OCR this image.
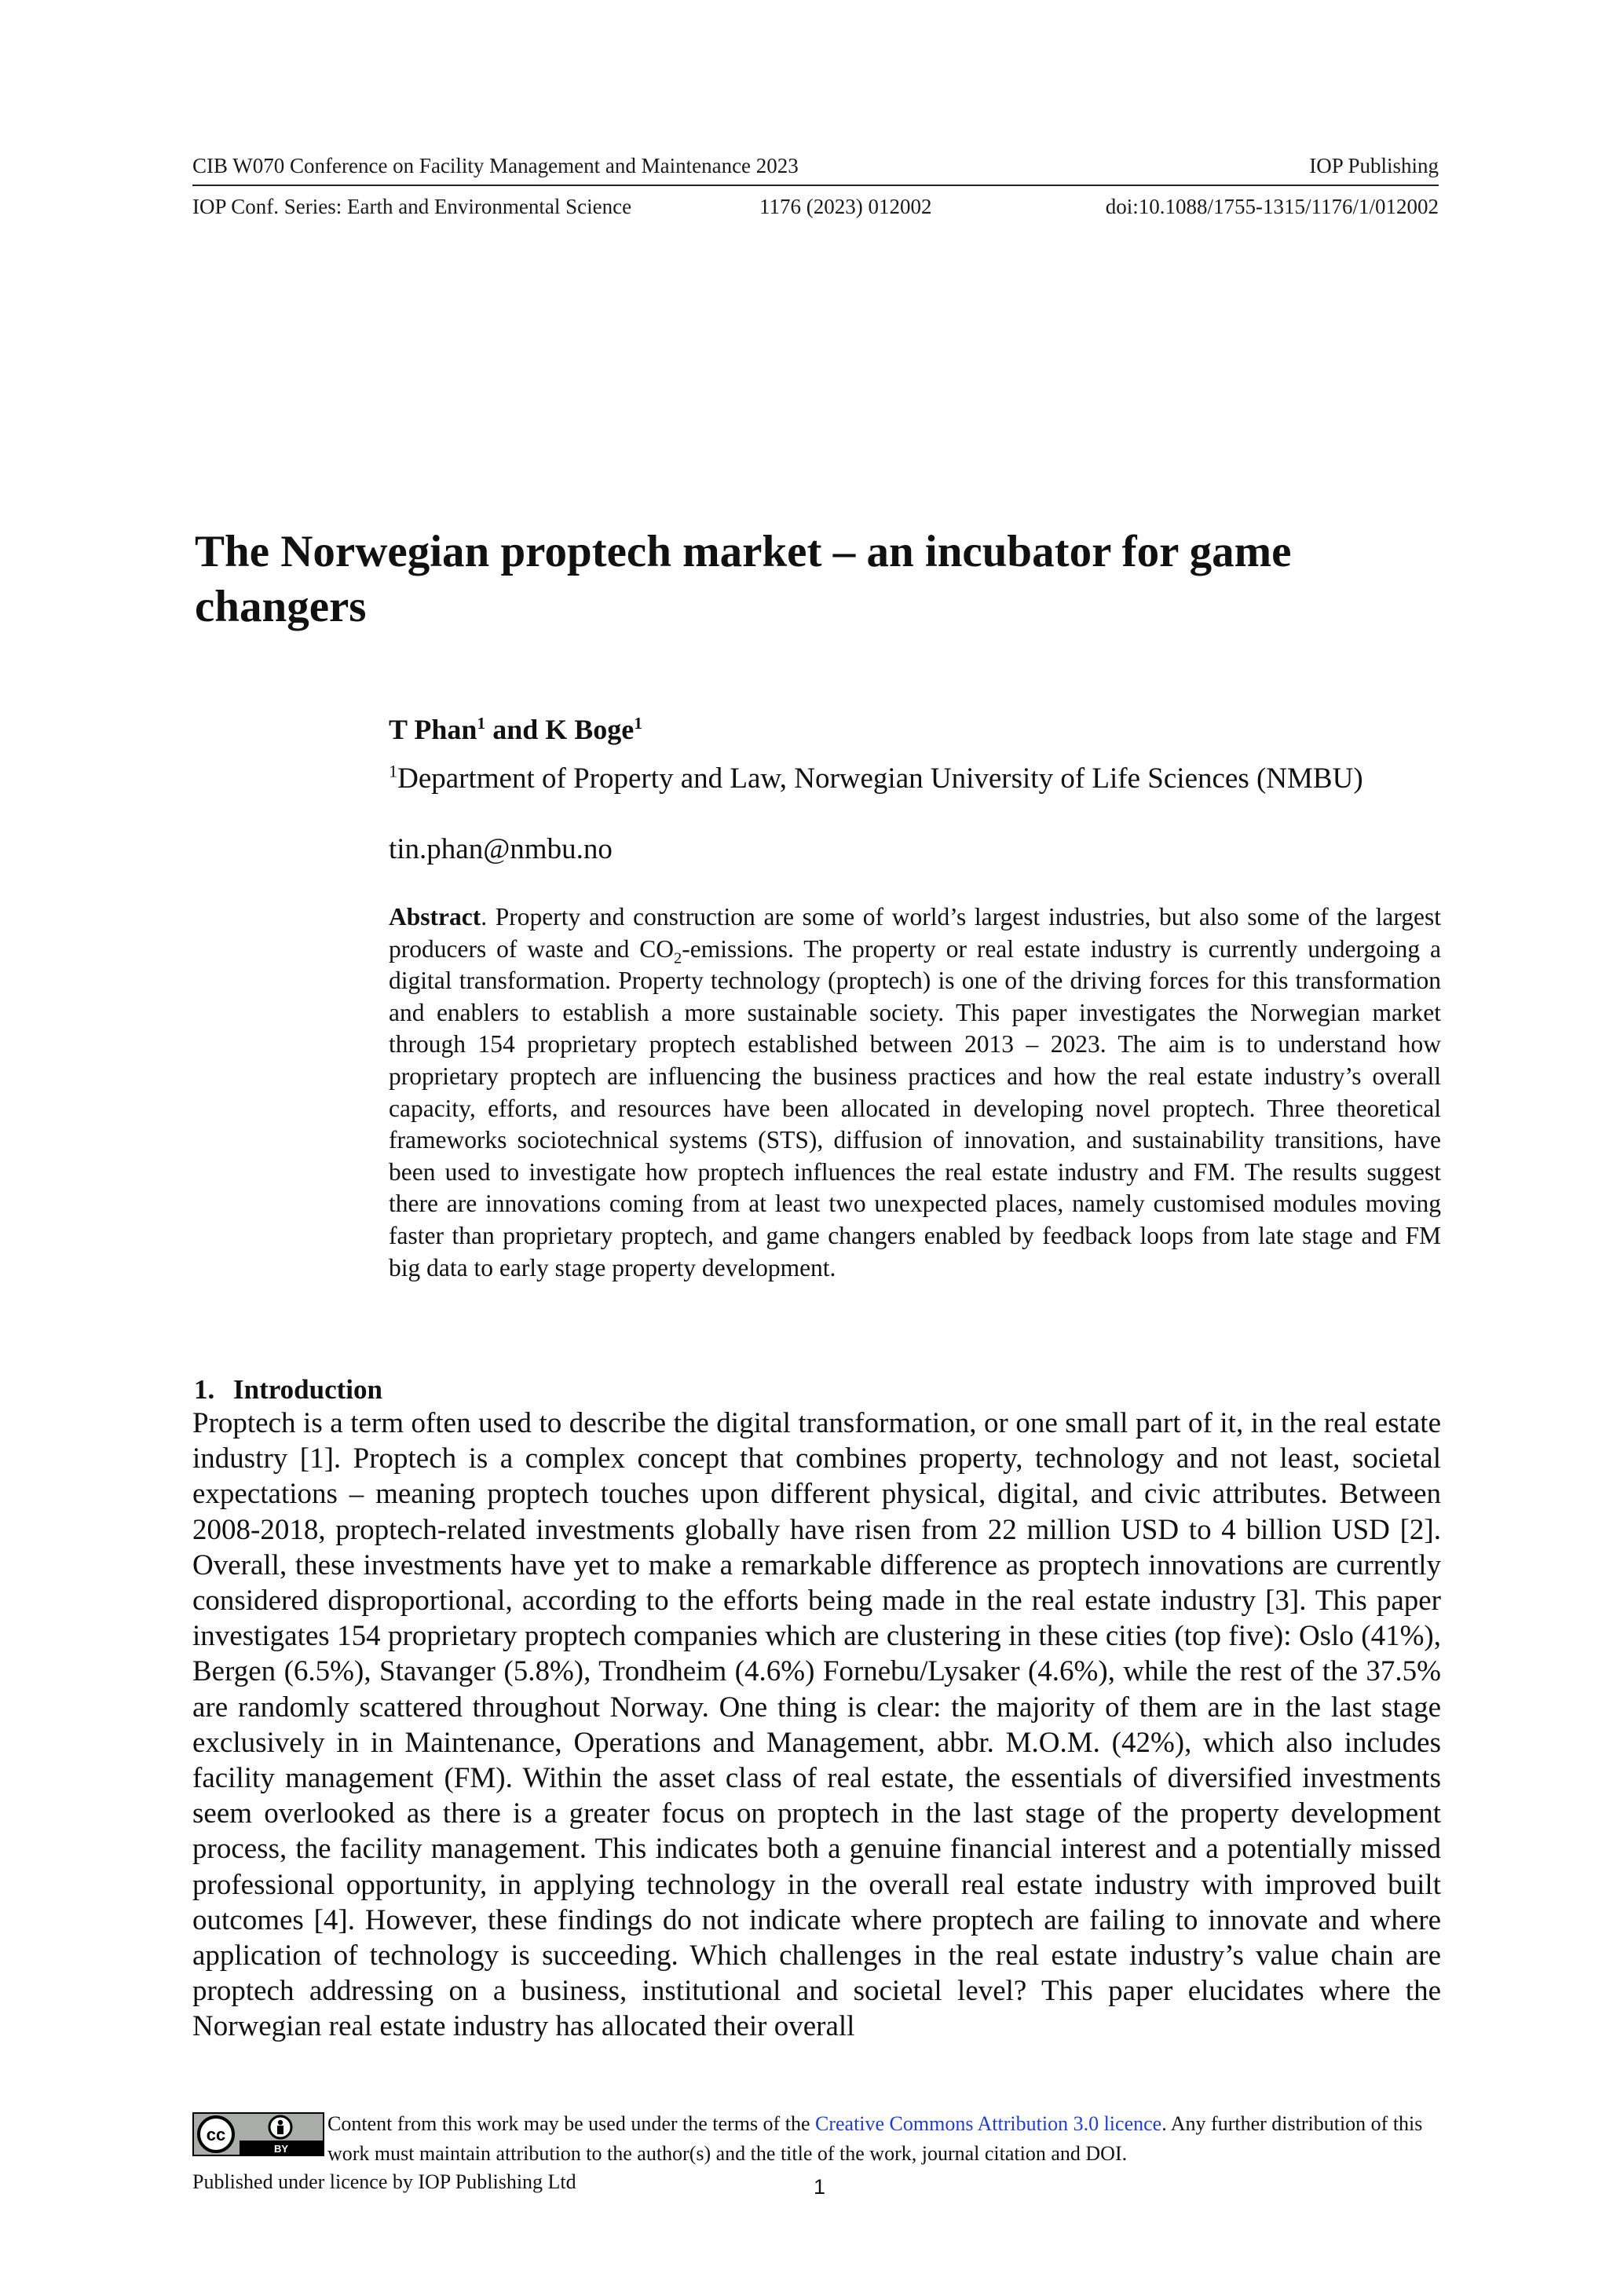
CIB W070 Conference on Facility Management and Maintenance 2023	IOP Publishing
IOP Conf. Series: Earth and Environmental Science	1176 (2023) 012002	doi:10.1088/1755-1315/1176/1/012002
The Norwegian proptech market – an incubator for game changers
T Phan$^1$ and K Boge$^1$
$^1$Department of Property and Law, Norwegian University of Life Sciences (NMBU)
tin.phan@nmbu.no

Abstract. Property and construction are some of world’s largest industries, but also some of the largest producers of waste and $CO_2$-emissions. The property or real estate industry is currently undergoing a digital transformation. Property technology (proptech) is one of the driving forces for this transformation and enablers to establish a more sustainable society. This paper investigates the Norwegian market through 154 proprietary proptech established between 2013 – 2023. The aim is to understand how proprietary proptech are influencing the business practices and how the real estate industry’s overall capacity, efforts, and resources have been allocated in developing novel proptech. Three theoretical frameworks sociotechnical systems (STS), diffusion of innovation, and sustainability transitions, have been used to investigate how proptech influences the real estate industry and FM. The results suggest there are innovations coming from at least two unexpected places, namely customised modules moving faster than proprietary proptech, and game changers enabled by feedback loops from late stage and FM big data to early stage property development.

1. Introduction

Proptech is a term often used to describe the digital transformation, or one small part of it, in the real estate industry [1]. Proptech is a complex concept that combines property, technology and not least, societal expectations – meaning proptech touches upon different physical, digital, and civic attributes. Between 2008-2018, proptech-related investments globally have risen from 22 million USD to 4 billion USD [2]. Overall, these investments have yet to make a remarkable difference as proptech innovations are currently considered disproportional, according to the efforts being made in the real estate industry [3]. This paper investigates 154 proprietary proptech companies which are clustering in these cities (top five): Oslo (41%), Bergen (6.5%), Stavanger (5.8%), Trondheim (4.6%) Fornebu/Lysaker (4.6%), while the rest of the 37.5% are randomly scattered throughout Norway. One thing is clear: the majority of them are in the last stage exclusively in in Maintenance, Operations and Management, abbr. M.O.M. (42%), which also includes facility management (FM). Within the asset class of real estate, the essentials of diversified investments seem overlooked as there is a greater focus on proptech in the last stage of the property development process, the facility management. This indicates both a genuine financial interest and a potentially missed professional opportunity, in applying technology in the overall real estate industry with improved built outcomes [4]. However, these findings do not indicate where proptech are failing to innovate and where application of technology is succeeding. Which challenges in the real estate industry’s value chain are proptech addressing on a business, institutional and societal level? This paper elucidates where the Norwegian real estate industry has allocated their overall

cc
BY

Content from this work may be used under the terms of the Creative Commons Attribution 3.0 licence. Any further distribution of this work must maintain attribution to the author(s) and the title of the work, journal citation and DOI.

Published under licence by IOP Publishing Ltd	1
